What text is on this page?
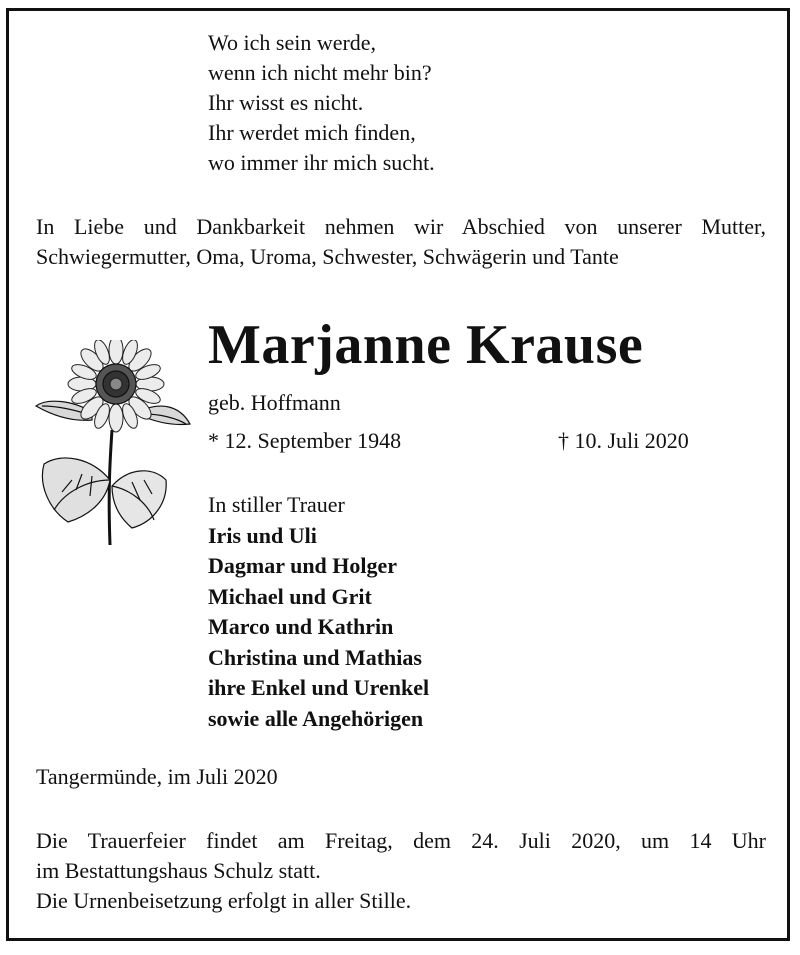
Wo ich sein werde,
wenn ich nicht mehr bin?
Ihr wisst es nicht.
Ihr werdet mich finden,
wo immer ihr mich sucht.
In Liebe und Dankbarkeit nehmen wir Abschied von unserer Mutter, Schwiegermutter, Oma, Uroma, Schwester, Schwägerin und Tante
Marjanne Krause
geb. Hoffmann
* 12. September 1948	† 10. Juli 2020
In stiller Trauer
Iris und Uli
Dagmar und Holger
Michael und Grit
Marco und Kathrin
Christina und Mathias
ihre Enkel und Urenkel
sowie alle Angehörigen
Tangermünde, im Juli 2020
Die Trauerfeier findet am Freitag, dem 24. Juli 2020, um 14 Uhr
im Bestattungshaus Schulz statt.
Die Urnenbeisetzung erfolgt in aller Stille.
